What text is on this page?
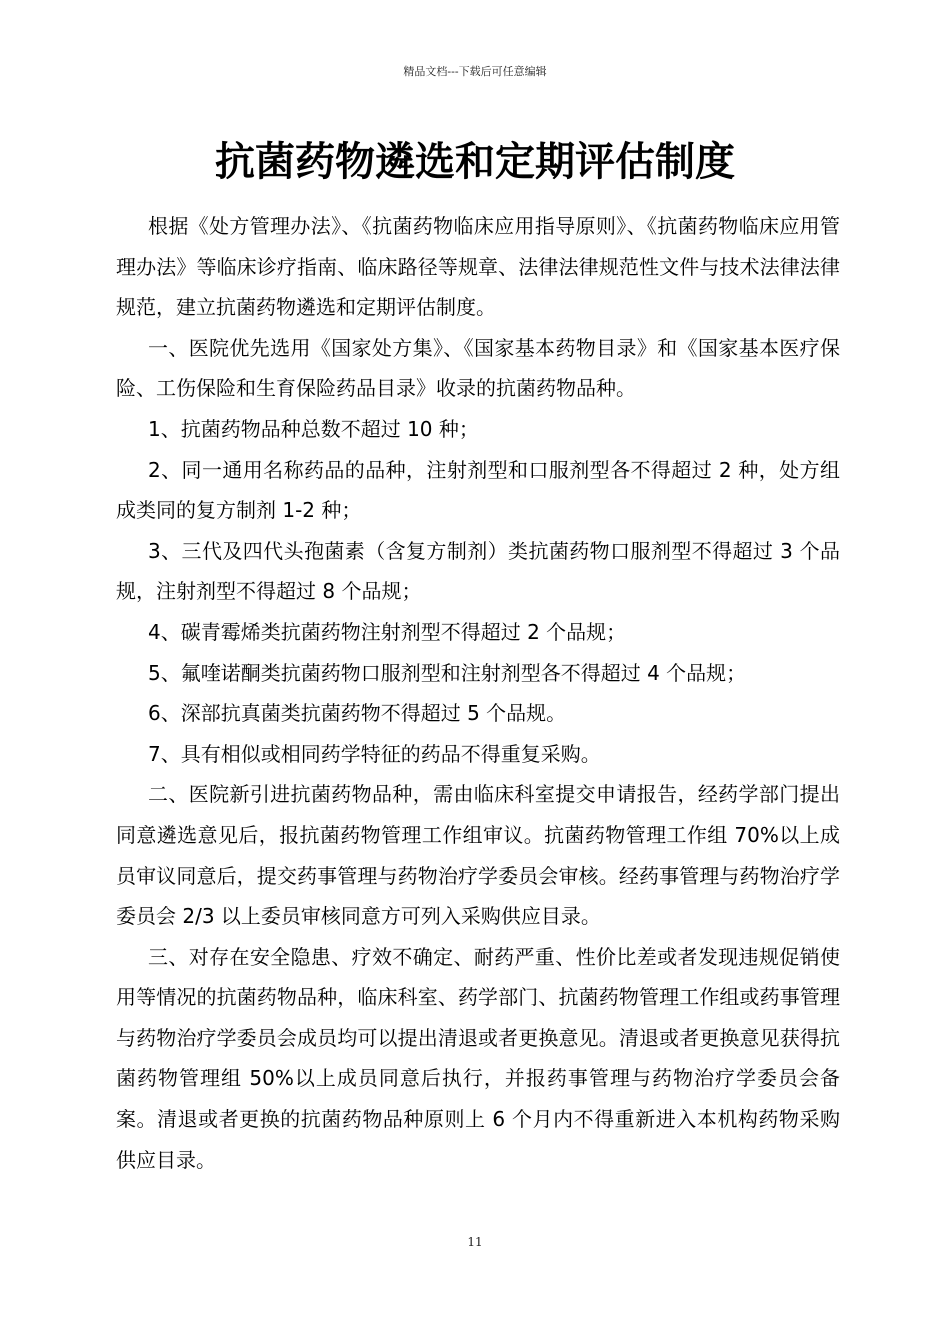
精品文档---下载后可任意编辑
抗菌药物遴选和定期评估制度

根据《处方管理办法》、《抗菌药物临床应用指导原则》、《抗菌药物临床应用管理办法》等临床诊疗指南、临床路径等规章、法律法律规范性文件与技术法律法律规范，建立抗菌药物遴选和定期评估制度。

一、医院优先选用《国家处方集》、《国家基本药物目录》和《国家基本医疗保险、工伤保险和生育保险药品目录》收录的抗菌药物品种。

1、抗菌药物品种总数不超过 10 种；

2、同一通用名称药品的品种，注射剂型和口服剂型各不得超过 2 种，处方组成类同的复方制剂 1-2 种；

3、三代及四代头孢菌素（含复方制剂）类抗菌药物口服剂型不得超过 3 个品规，注射剂型不得超过 8 个品规；

4、碳青霉烯类抗菌药物注射剂型不得超过 2 个品规；

5、氟喹诺酮类抗菌药物口服剂型和注射剂型各不得超过 4 个品规；

6、深部抗真菌类抗菌药物不得超过 5 个品规。

7、具有相似或相同药学特征的药品不得重复采购。

二、医院新引进抗菌药物品种，需由临床科室提交申请报告，经药学部门提出同意遴选意见后，报抗菌药物管理工作组审议。抗菌药物管理工作组 70%以上成员审议同意后，提交药事管理与药物治疗学委员会审核。经药事管理与药物治疗学委员会 2/3 以上委员审核同意方可列入采购供应目录。

三、对存在安全隐患、疗效不确定、耐药严重、性价比差或者发现违规促销使用等情况的抗菌药物品种，临床科室、药学部门、抗菌药物管理工作组或药事管理与药物治疗学委员会成员均可以提出清退或者更换意见。清退或者更换意见获得抗菌药物管理组 50%以上成员同意后执行，并报药事管理与药物治疗学委员会备案。清退或者更换的抗菌药物品种原则上 6 个月内不得重新进入本机构药物采购供应目录。

11
